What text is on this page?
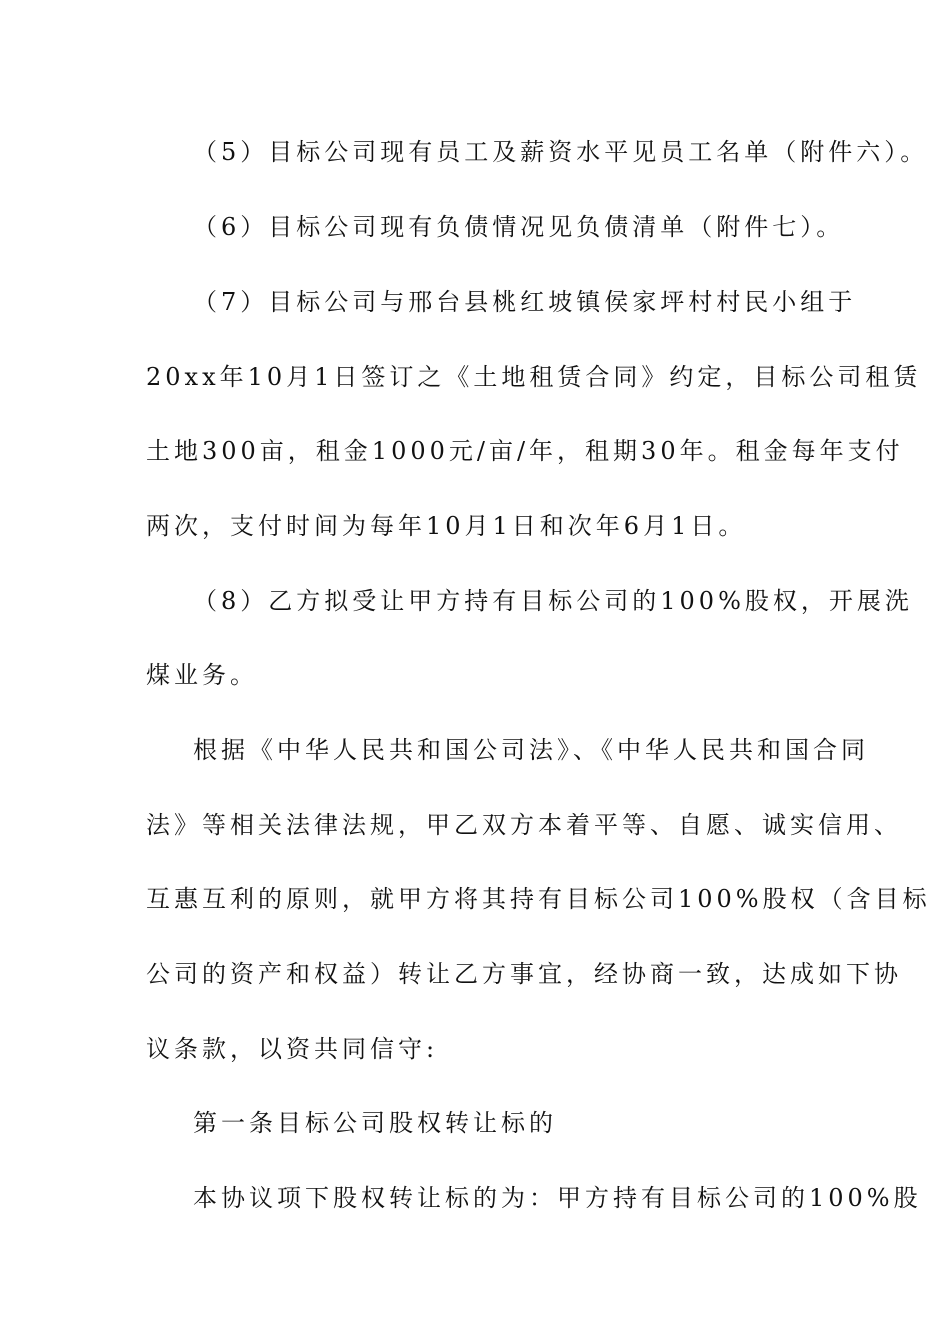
（5）目标公司现有员工及薪资水平见员工名单（附件六）。
（6）目标公司现有负债情况见负债清单（附件七）。
（7）目标公司与邢台县桃红坡镇侯家坪村村民小组于
20xx年10月1日签订之《土地租赁合同》约定，目标公司租赁
土地300亩，租金1000元/亩/年，租期30年。租金每年支付
两次，支付时间为每年10月1日和次年6月1日。
（8）乙方拟受让甲方持有目标公司的100%股权，开展洗
煤业务。
根据《中华人民共和国公司法》、《中华人民共和国合同
法》等相关法律法规，甲乙双方本着平等、自愿、诚实信用、
互惠互利的原则，就甲方将其持有目标公司100%股权（含目标
公司的资产和权益）转让乙方事宜，经协商一致，达成如下协
议条款，以资共同信守:
第一条目标公司股权转让标的
本协议项下股权转让标的为：甲方持有目标公司的100%股
